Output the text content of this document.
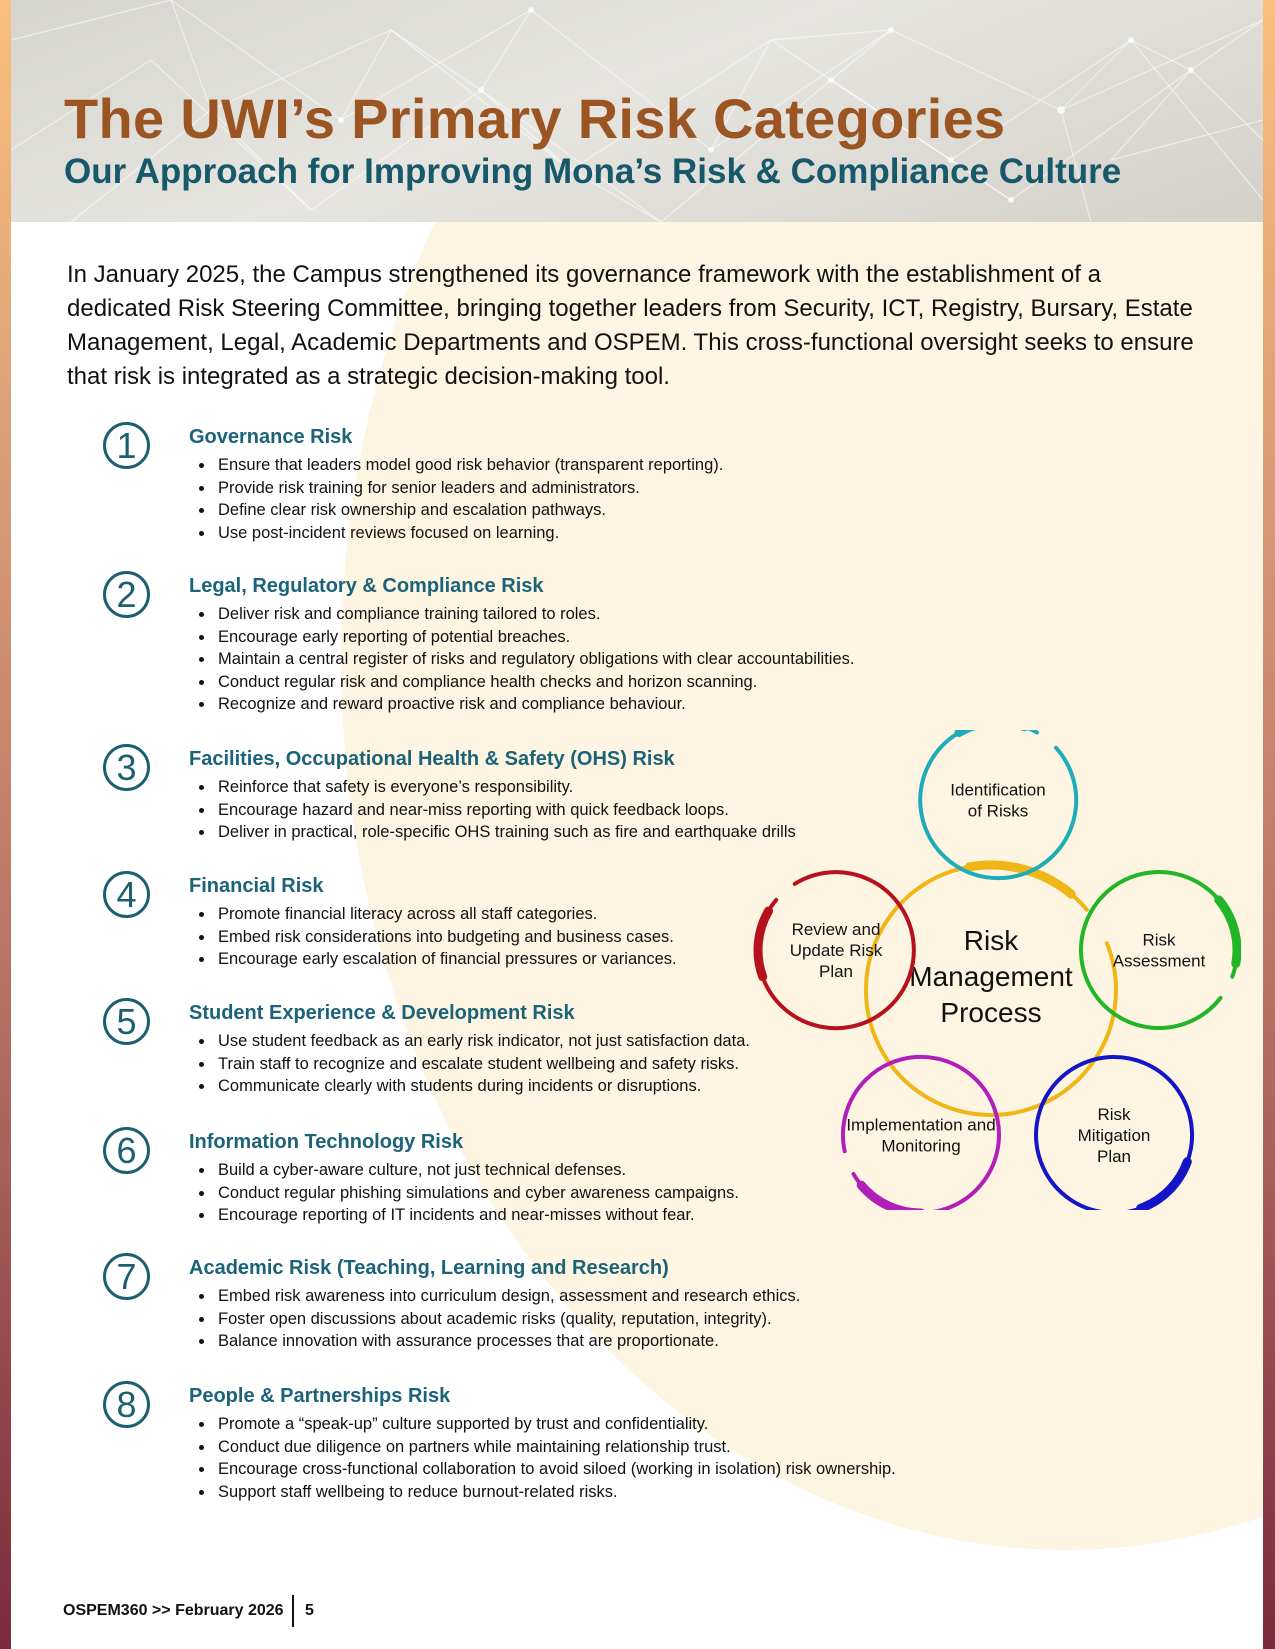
The UWI’s Primary Risk Categories
Our Approach for Improving Mona’s Risk & Compliance Culture

In January 2025, the Campus strengthened its governance framework with the establishment of a dedicated Risk Steering Committee, bringing together leaders from Security, ICT, Registry, Bursary, Estate Management, Legal, Academic Departments and OSPEM. This cross-functional oversight seeks to ensure that risk is integrated as a strategic decision-making tool.

1	Governance Risk
Ensure that leaders model good risk behavior (transparent reporting).
Provide risk training for senior leaders and administrators.
Define clear risk ownership and escalation pathways.
Use post-incident reviews focused on learning.
2	Legal, Regulatory & Compliance Risk
Deliver risk and compliance training tailored to roles.
Encourage early reporting of potential breaches.
Maintain a central register of risks and regulatory obligations with clear accountabilities.
Conduct regular risk and compliance health checks and horizon scanning.
Recognize and reward proactive risk and compliance behaviour.
3	Facilities, Occupational Health & Safety (OHS) Risk
Reinforce that safety is everyone’s responsibility.
Encourage hazard and near-miss reporting with quick feedback loops.
Deliver in practical, role-specific OHS training such as fire and earthquake drills
4	Financial Risk
Promote financial literacy across all staff categories.
Embed risk considerations into budgeting and business cases.
Encourage early escalation of financial pressures or variances.
5	Student Experience & Development Risk
Use student feedback as an early risk indicator, not just satisfaction data.
Train staff to recognize and escalate student wellbeing and safety risks.
Communicate clearly with students during incidents or disruptions.
6	Information Technology Risk
Build a cyber-aware culture, not just technical defenses.
Conduct regular phishing simulations and cyber awareness campaigns.
Encourage reporting of IT incidents and near-misses without fear.
7	Academic Risk (Teaching, Learning and Research)
Embed risk awareness into curriculum design, assessment and research ethics.
Foster open discussions about academic risks (quality, reputation, integrity).
Balance innovation with assurance processes that are proportionate.
8	People & Partnerships Risk
Promote a “speak-up” culture supported by trust and confidentiality.
Conduct due diligence on partners while maintaining relationship trust.
Encourage cross-functional collaboration to avoid siloed (working in isolation) risk ownership.
Support staff wellbeing to reduce burnout-related risks.
Risk Management Process
Identification of Risks
Risk Assessment
Risk Mitigation Plan
Implementation and Monitoring
Review and Update Risk Plan
OSPEM360 >> February 2026 5
